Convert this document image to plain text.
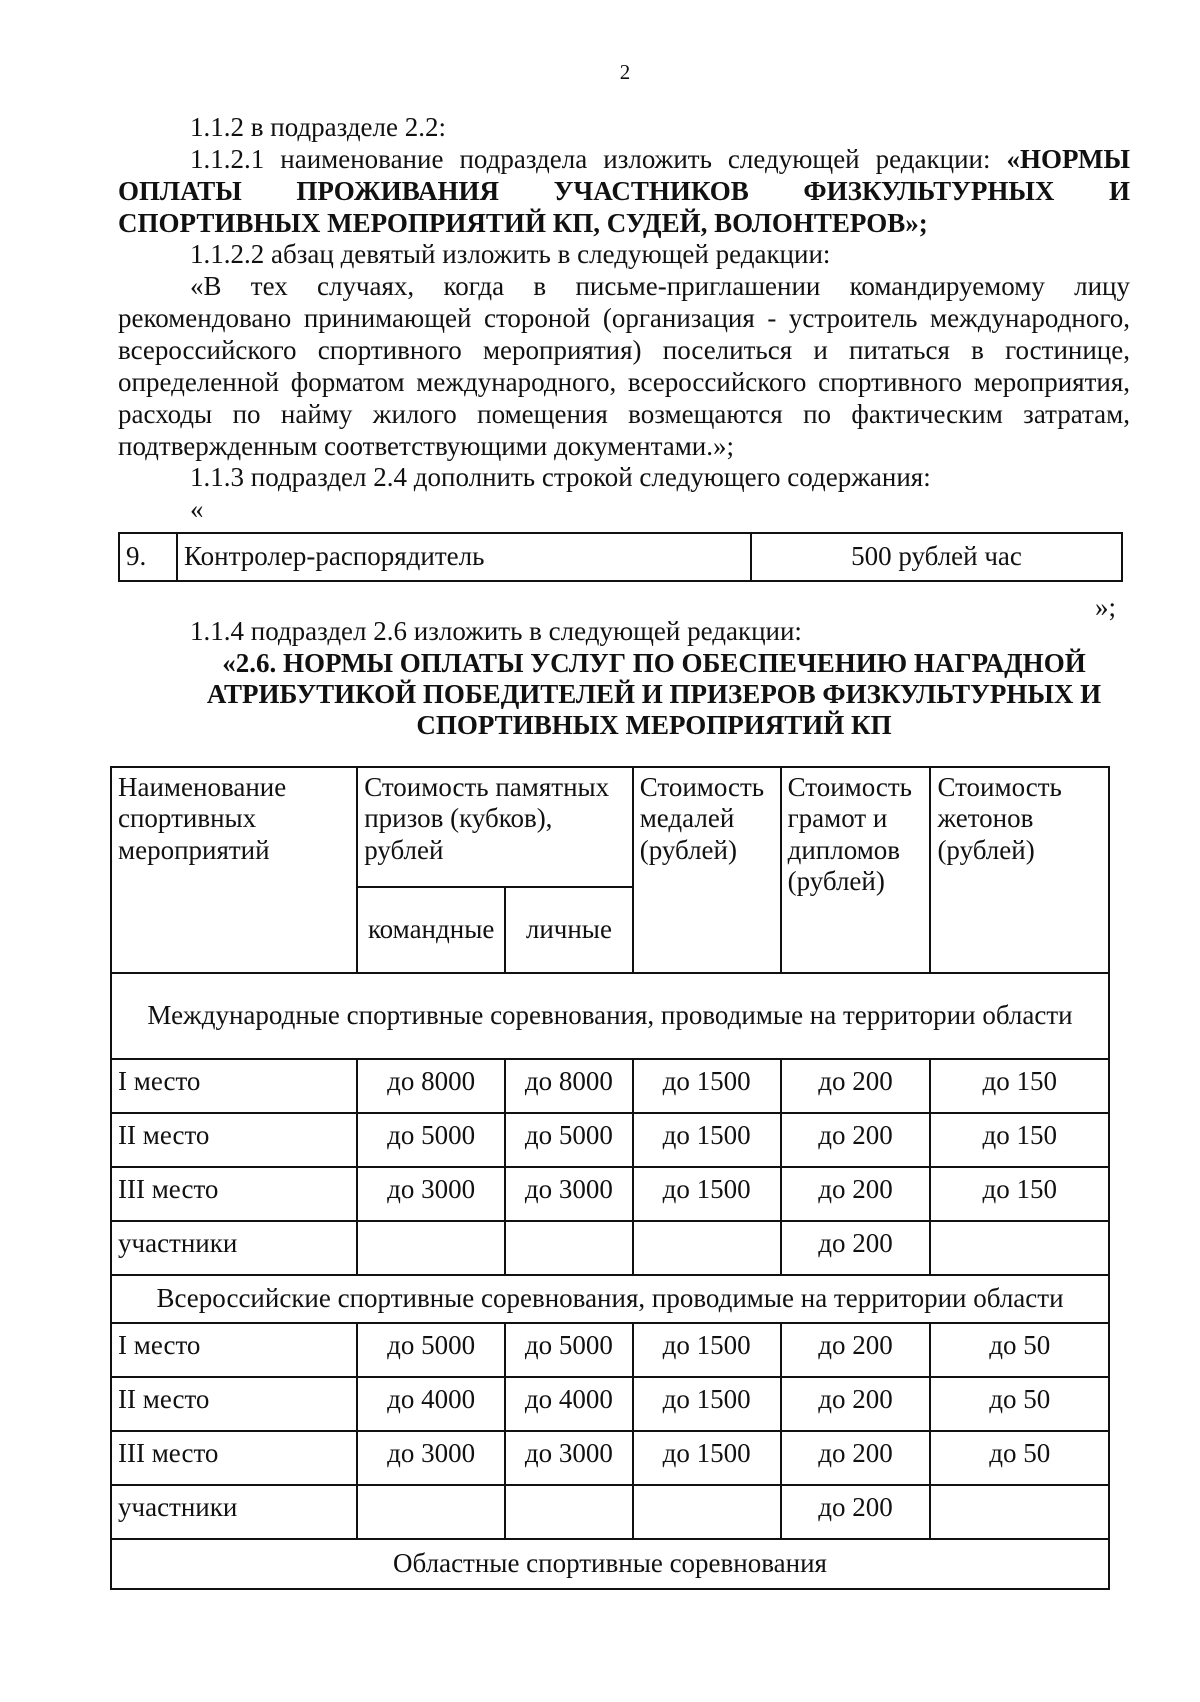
2

1.1.2 в подразделе 2.2:

1.1.2.1 наименование подраздела изложить следующей редакции: «НОРМЫ ОПЛАТЫ ПРОЖИВАНИЯ УЧАСТНИКОВ ФИЗКУЛЬТУРНЫХ И СПОРТИВНЫХ МЕРОПРИЯТИЙ КП, СУДЕЙ, ВОЛОНТЕРОВ»;

1.1.2.2 абзац девятый изложить в следующей редакции:

«В тех случаях, когда в письме-приглашении командируемому лицу рекомендовано принимающей стороной (организация - устроитель международного, всероссийского спортивного мероприятия) поселиться и питаться в гостинице, определенной форматом международного, всероссийского спортивного мероприятия, расходы по найму жилого помещения возмещаются по фактическим затратам, подтвержденным соответствующими документами.»;

1.1.3 подраздел 2.4 дополнить строкой следующего содержания:

«

9.	Контролер-распорядитель	500 рублей час
»;

1.1.4 подраздел 2.6 изложить в следующей редакции:

«2.6. НОРМЫ ОПЛАТЫ УСЛУГ ПО ОБЕСПЕЧЕНИЮ НАГРАДНОЙ АТРИБУТИКОЙ ПОБЕДИТЕЛЕЙ И ПРИЗЕРОВ ФИЗКУЛЬТУРНЫХ И СПОРТИВНЫХ МЕРОПРИЯТИЙ КП

Наименование спортивных мероприятий	Стоимость памятных призов (кубков), рублей		Стоимость медалей (рублей)	Стоимость грамот и дипломов (рублей)	Стоимость жетонов (рублей)
	командные	личные			
Международные спортивные соревнования, проводимые на территории области					
I место	до 8000	до 8000	до 1500	до 200	до 150
II место	до 5000	до 5000	до 1500	до 200	до 150
III место	до 3000	до 3000	до 1500	до 200	до 150
участники				до 200	
Всероссийские спортивные соревнования, проводимые на территории области					
I место	до 5000	до 5000	до 1500	до 200	до 50
II место	до 4000	до 4000	до 1500	до 200	до 50
III место	до 3000	до 3000	до 1500	до 200	до 50
участники				до 200	
Областные спортивные соревнования					
